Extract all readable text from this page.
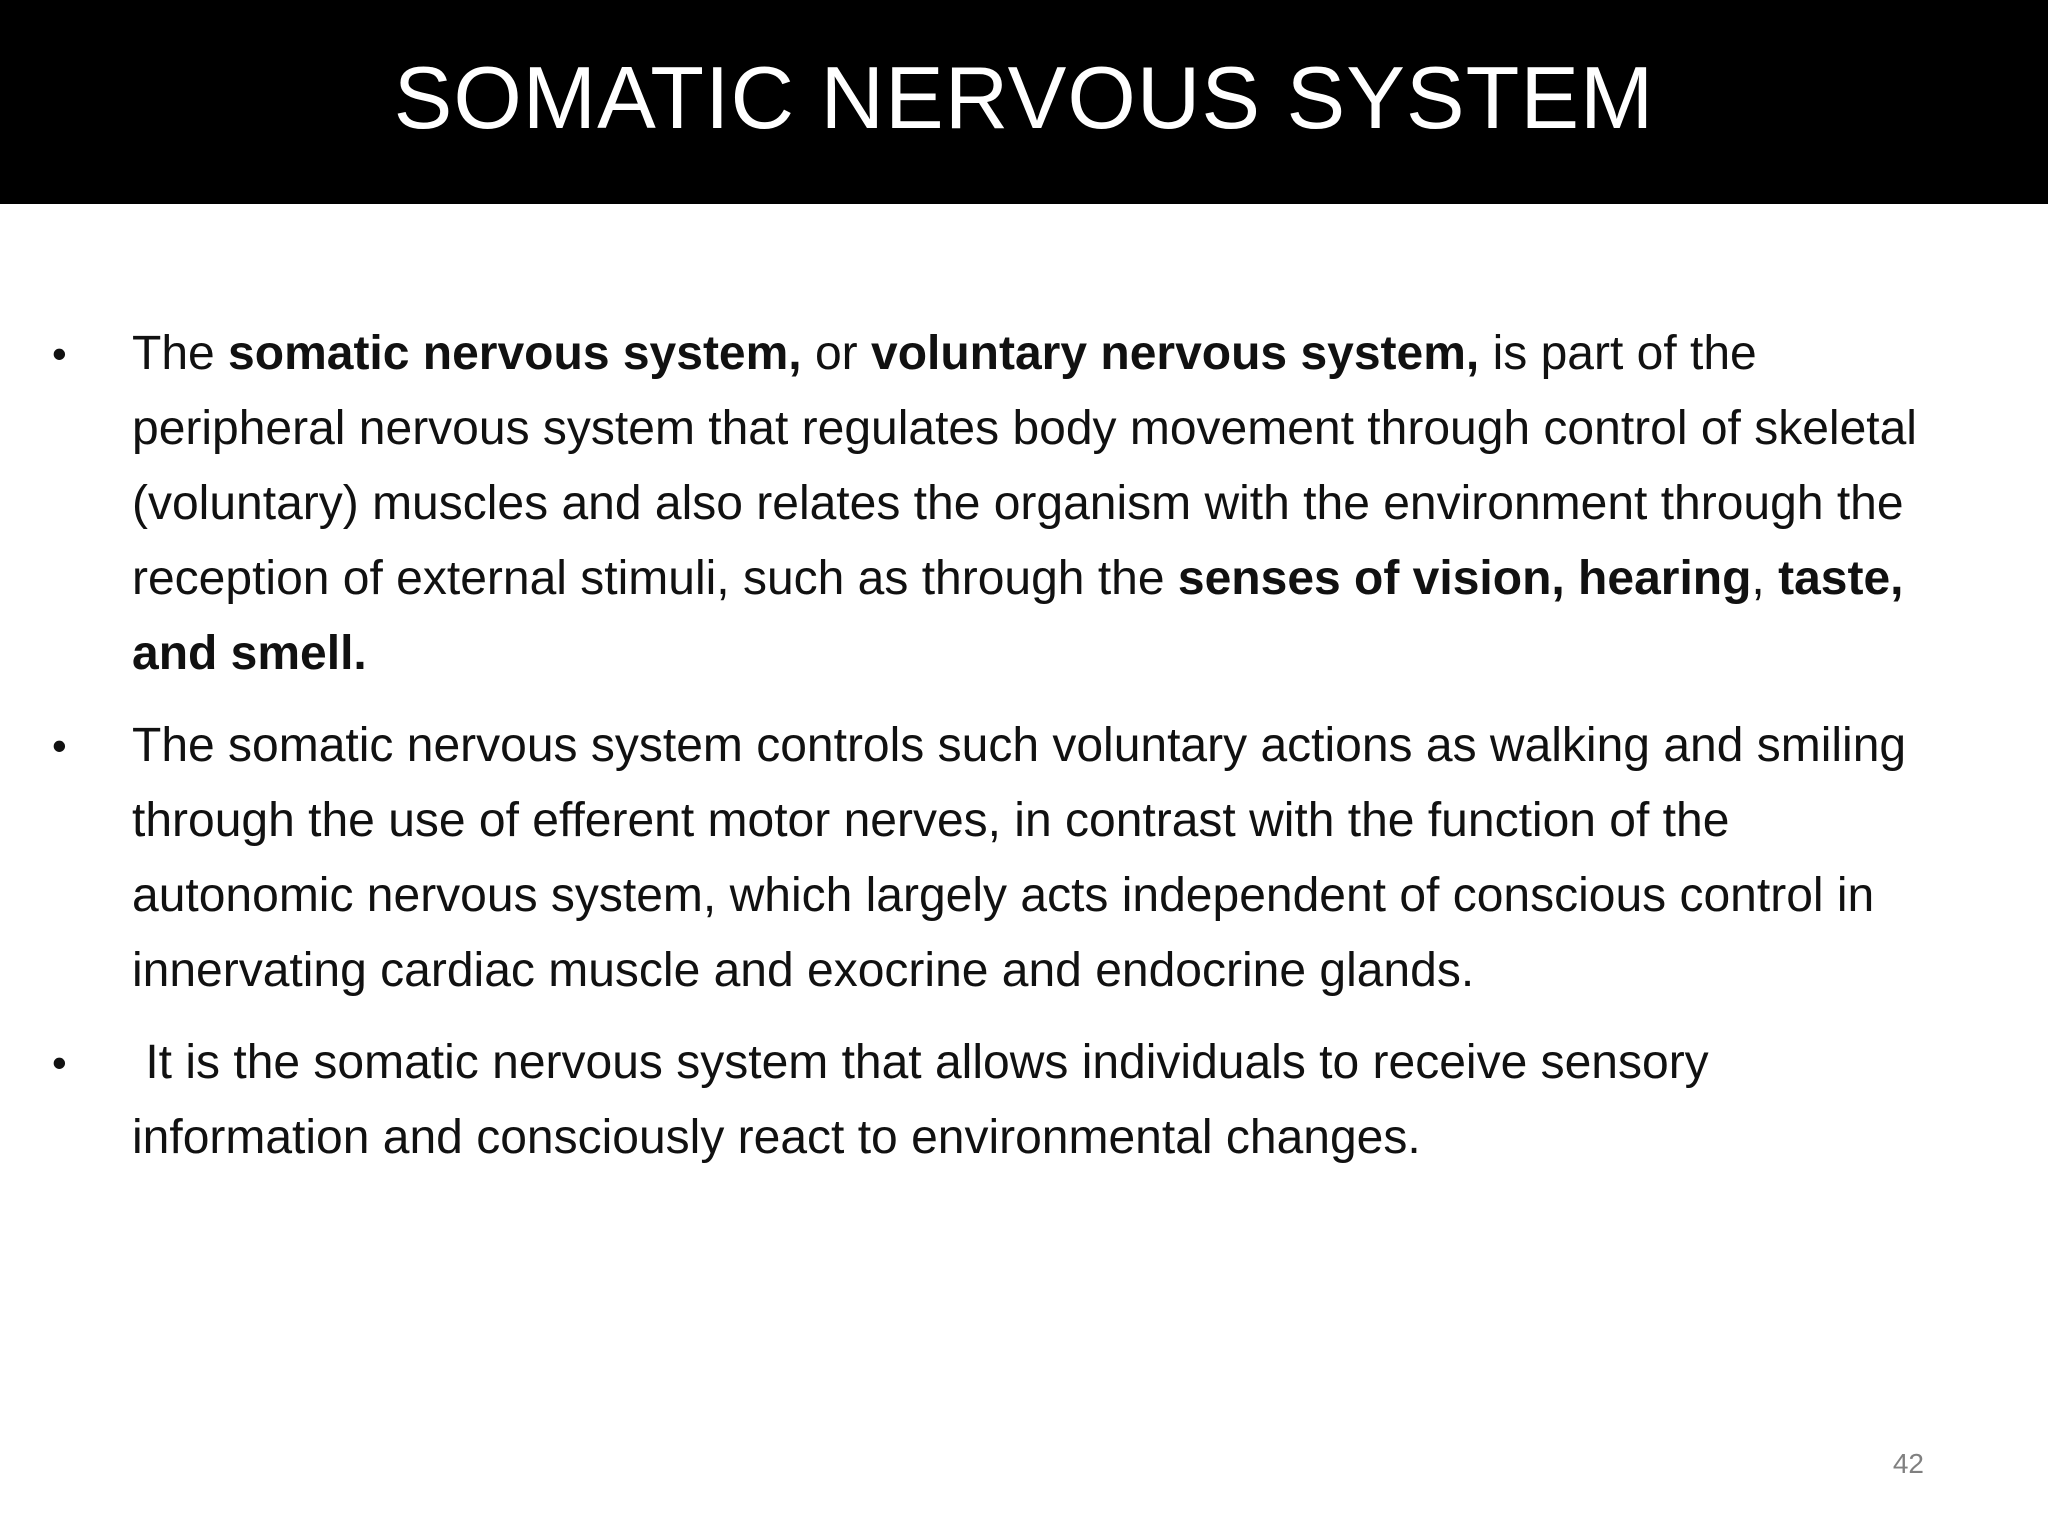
SOMATIC NERVOUS SYSTEM
• The somatic nervous system, or voluntary nervous system, is part of the peripheral nervous system that regulates body movement through control of skeletal (voluntary) muscles and also relates the organism with the environment through the reception of external stimuli, such as through the senses of vision, hearing, taste, and smell.
• The somatic nervous system controls such voluntary actions as walking and smiling through the use of efferent motor nerves, in contrast with the function of the autonomic nervous system, which largely acts independent of conscious control in innervating cardiac muscle and exocrine and endocrine glands.
• It is the somatic nervous system that allows individuals to receive sensory information and consciously react to environmental changes.
42
